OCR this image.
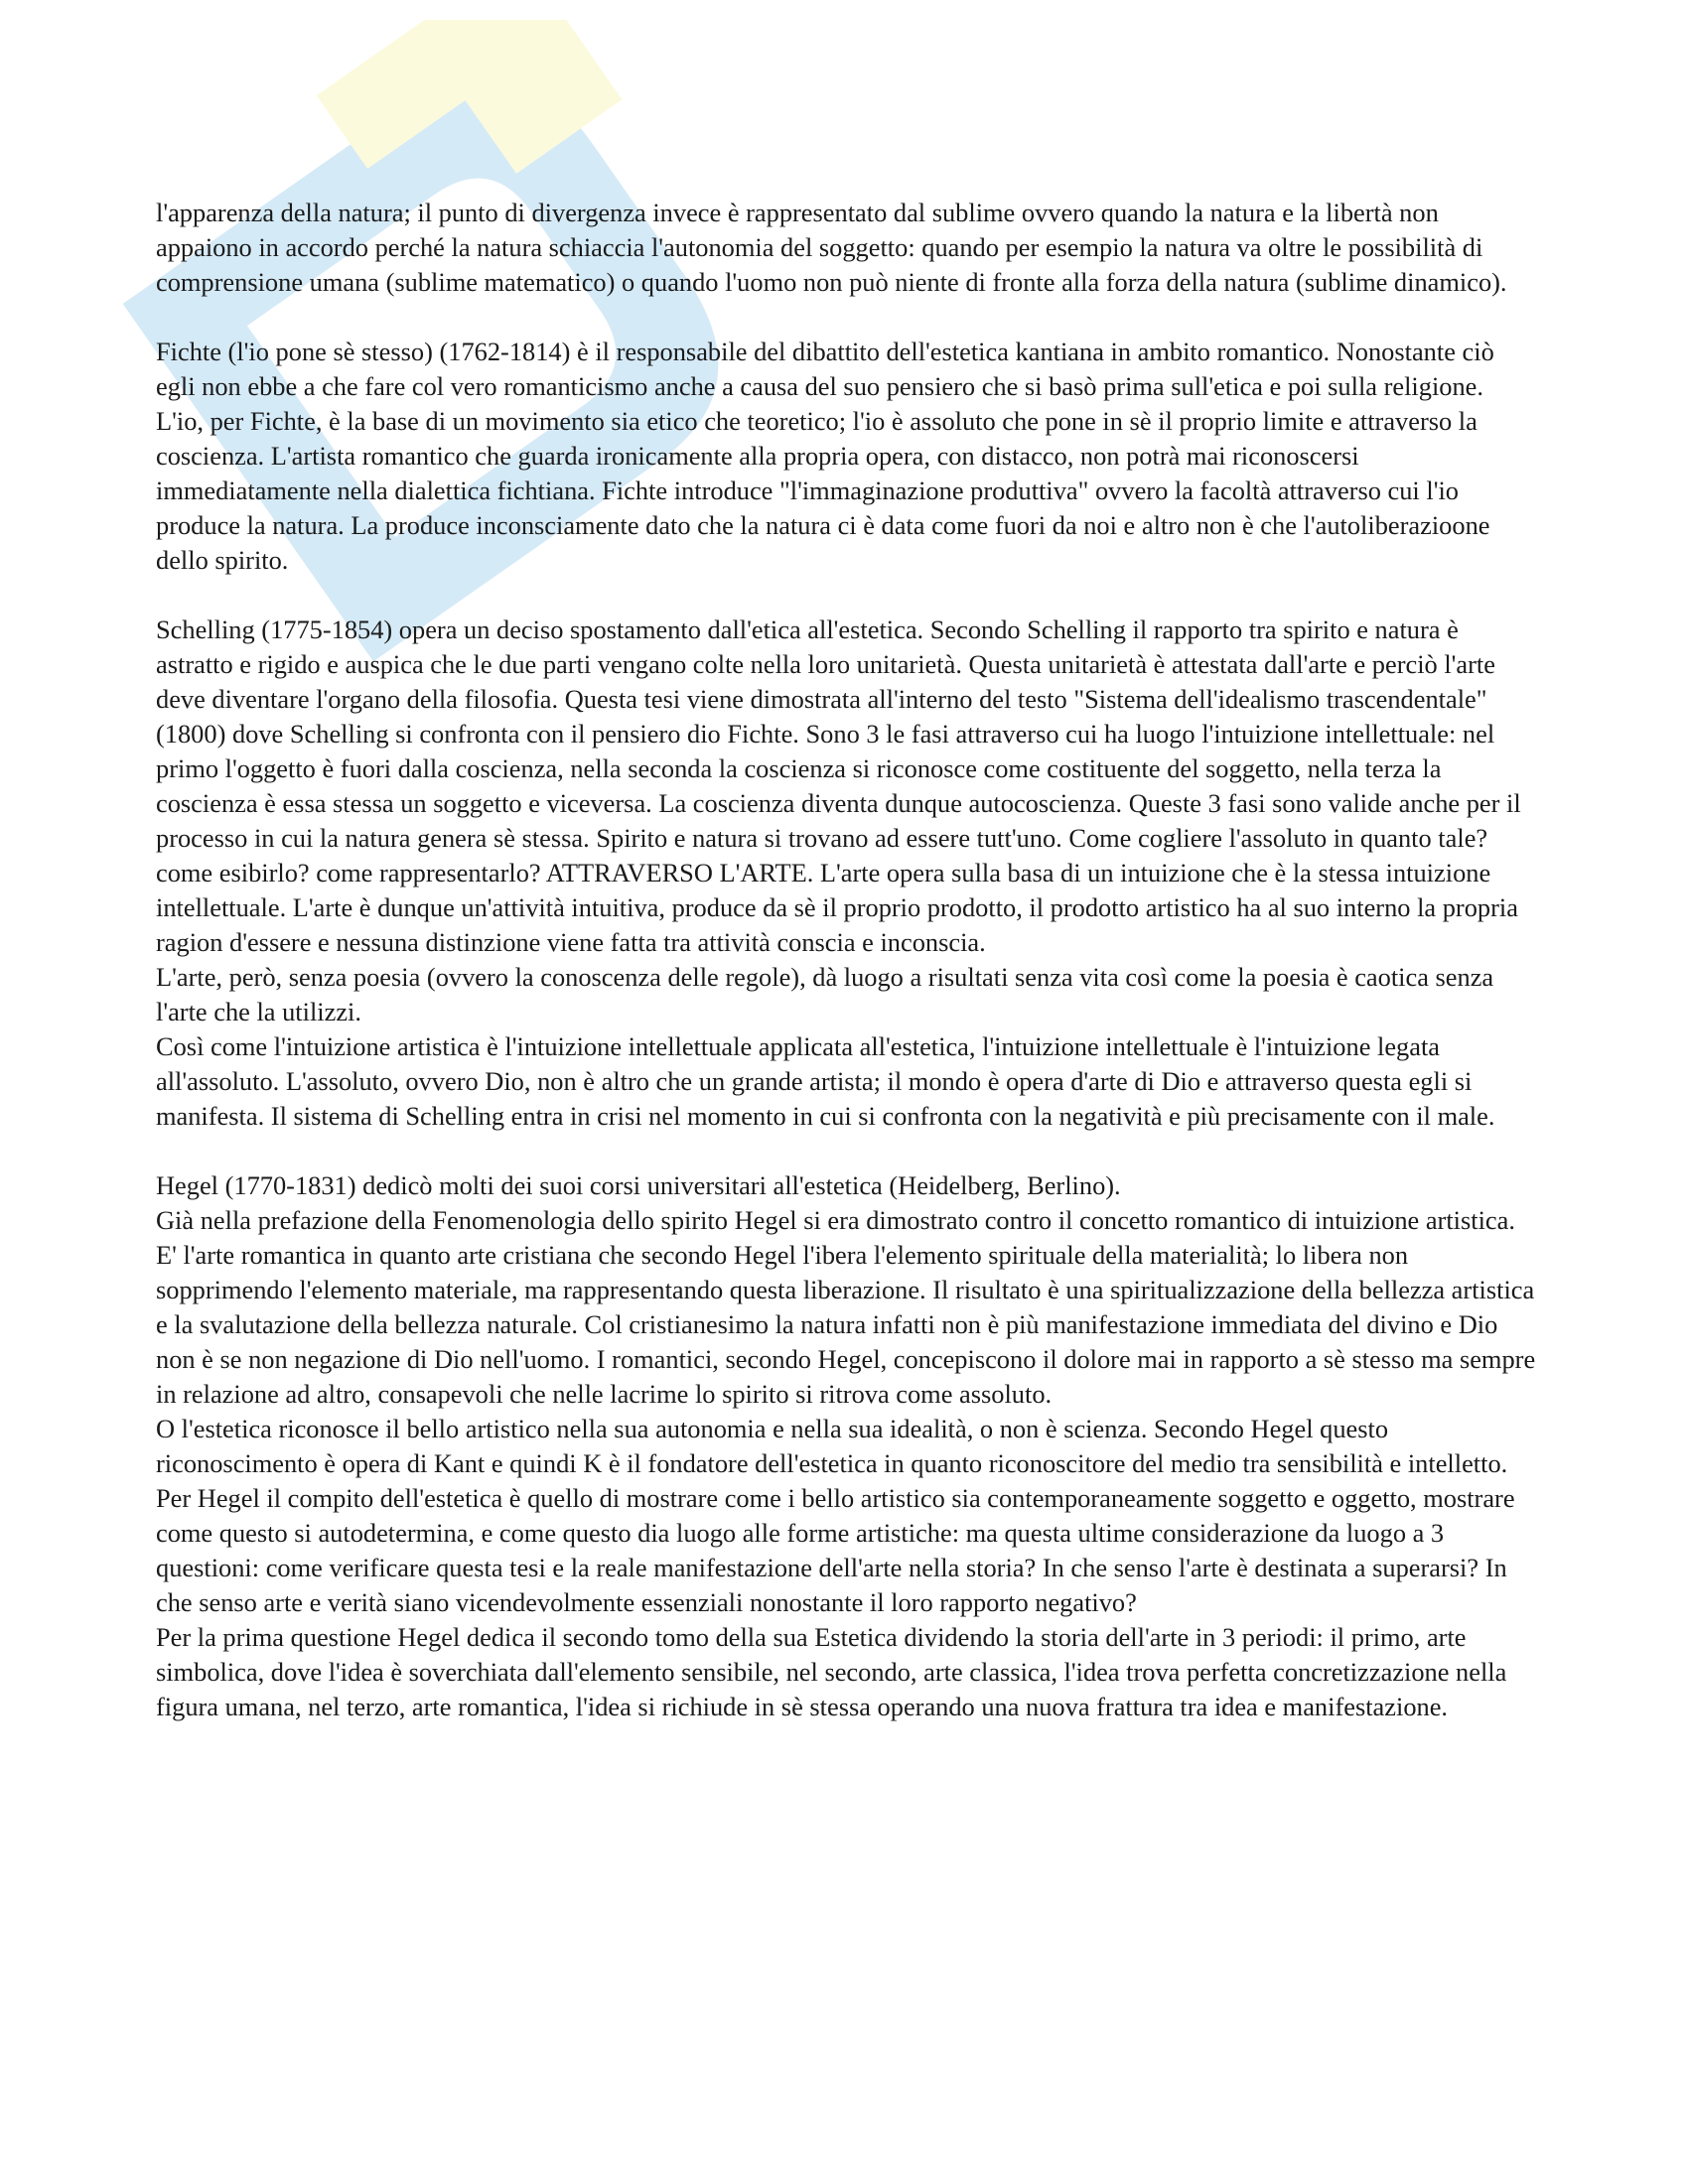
l'apparenza della natura; il punto di divergenza invece è rappresentato dal sublime ovvero quando la natura e la libertà non appaiono in accordo perché la natura schiaccia l'autonomia del soggetto: quando per esempio la natura va oltre le possibilità di comprensione umana (sublime matematico) o quando l'uomo non può niente di fronte alla forza della natura (sublime dinamico).

Fichte (l'io pone sè stesso) (1762-1814) è il responsabile del dibattito dell'estetica kantiana in ambito romantico. Nonostante ciò egli non ebbe a che fare col vero romanticismo anche a causa del suo pensiero che si basò prima sull'etica e poi sulla religione. L'io, per Fichte, è la base di un movimento sia etico che teoretico; l'io è assoluto che pone in sè il proprio limite e attraverso la coscienza. L'artista romantico che guarda ironicamente alla propria opera, con distacco, non potrà mai riconoscersi immediatamente nella dialettica fichtiana. Fichte introduce "l'immaginazione produttiva" ovvero la facoltà attraverso cui l'io produce la natura. La produce inconsciamente dato che la natura ci è data come fuori da noi e altro non è che l'autoliberazioone dello spirito.

Schelling (1775-1854) opera un deciso spostamento dall'etica all'estetica. Secondo Schelling il rapporto tra spirito e natura è astratto e rigido e auspica che le due parti vengano colte nella loro unitarietà. Questa unitarietà è attestata dall'arte e perciò l'arte deve diventare l'organo della filosofia. Questa tesi viene dimostrata all'interno del testo "Sistema dell'idealismo trascendentale" (1800) dove Schelling si confronta con il pensiero dio Fichte. Sono 3 le fasi attraverso cui ha luogo l'intuizione intellettuale: nel primo l'oggetto è fuori dalla coscienza, nella seconda la coscienza si riconosce come costituente del soggetto, nella terza la coscienza è essa stessa un soggetto e viceversa. La coscienza diventa dunque autocoscienza. Queste 3 fasi sono valide anche per il processo in cui la natura genera sè stessa. Spirito e natura si trovano ad essere tutt'uno. Come cogliere l'assoluto in quanto tale? come esibirlo? come rappresentarlo? ATTRAVERSO L'ARTE. L'arte opera sulla basa di un intuizione che è la stessa intuizione intellettuale. L'arte è dunque un'attività intuitiva, produce da sè il proprio prodotto, il prodotto artistico ha al suo interno la propria ragion d'essere e nessuna distinzione viene fatta tra attività conscia e inconscia.

L'arte, però, senza poesia (ovvero la conoscenza delle regole), dà luogo a risultati senza vita così come la poesia è caotica senza l'arte che la utilizzi.

Così come l'intuizione artistica è l'intuizione intellettuale applicata all'estetica, l'intuizione intellettuale è l'intuizione legata all'assoluto. L'assoluto, ovvero Dio, non è altro che un grande artista; il mondo è opera d'arte di Dio e attraverso questa egli si manifesta. Il sistema di Schelling entra in crisi nel momento in cui si confronta con la negatività e più precisamente con il male.

Hegel (1770-1831) dedicò molti dei suoi corsi universitari all'estetica (Heidelberg, Berlino).

Già nella prefazione della Fenomenologia dello spirito Hegel si era dimostrato contro il concetto romantico di intuizione artistica. E' l'arte romantica in quanto arte cristiana che secondo Hegel l'ibera l'elemento spirituale della materialità; lo libera non sopprimendo l'elemento materiale, ma rappresentando questa liberazione. Il risultato è una spiritualizzazione della bellezza artistica e la svalutazione della bellezza naturale. Col cristianesimo la natura infatti non è più manifestazione immediata del divino e Dio non è se non negazione di Dio nell'uomo. I romantici, secondo Hegel, concepiscono il dolore mai in rapporto a sè stesso ma sempre in relazione ad altro, consapevoli che nelle lacrime lo spirito si ritrova come assoluto.

O l'estetica riconosce il bello artistico nella sua autonomia e nella sua idealità, o non è scienza. Secondo Hegel questo riconoscimento è opera di Kant e quindi K è il fondatore dell'estetica in quanto riconoscitore del medio tra sensibilità e intelletto. Per Hegel il compito dell'estetica è quello di mostrare come i bello artistico sia contemporaneamente soggetto e oggetto, mostrare come questo si autodetermina, e come questo dia luogo alle forme artistiche: ma questa ultime considerazione da luogo a 3 questioni: come verificare questa tesi e la reale manifestazione dell'arte nella storia? In che senso l'arte è destinata a superarsi? In che senso arte e verità siano vicendevolmente essenziali nonostante il loro rapporto negativo?

Per la prima questione Hegel dedica il secondo tomo della sua Estetica dividendo la storia dell'arte in 3 periodi: il primo, arte simbolica, dove l'idea è soverchiata dall'elemento sensibile, nel secondo, arte classica, l'idea trova perfetta concretizzazione nella figura umana, nel terzo, arte romantica, l'idea si richiude in sè stessa operando una nuova frattura tra idea e manifestazione.
